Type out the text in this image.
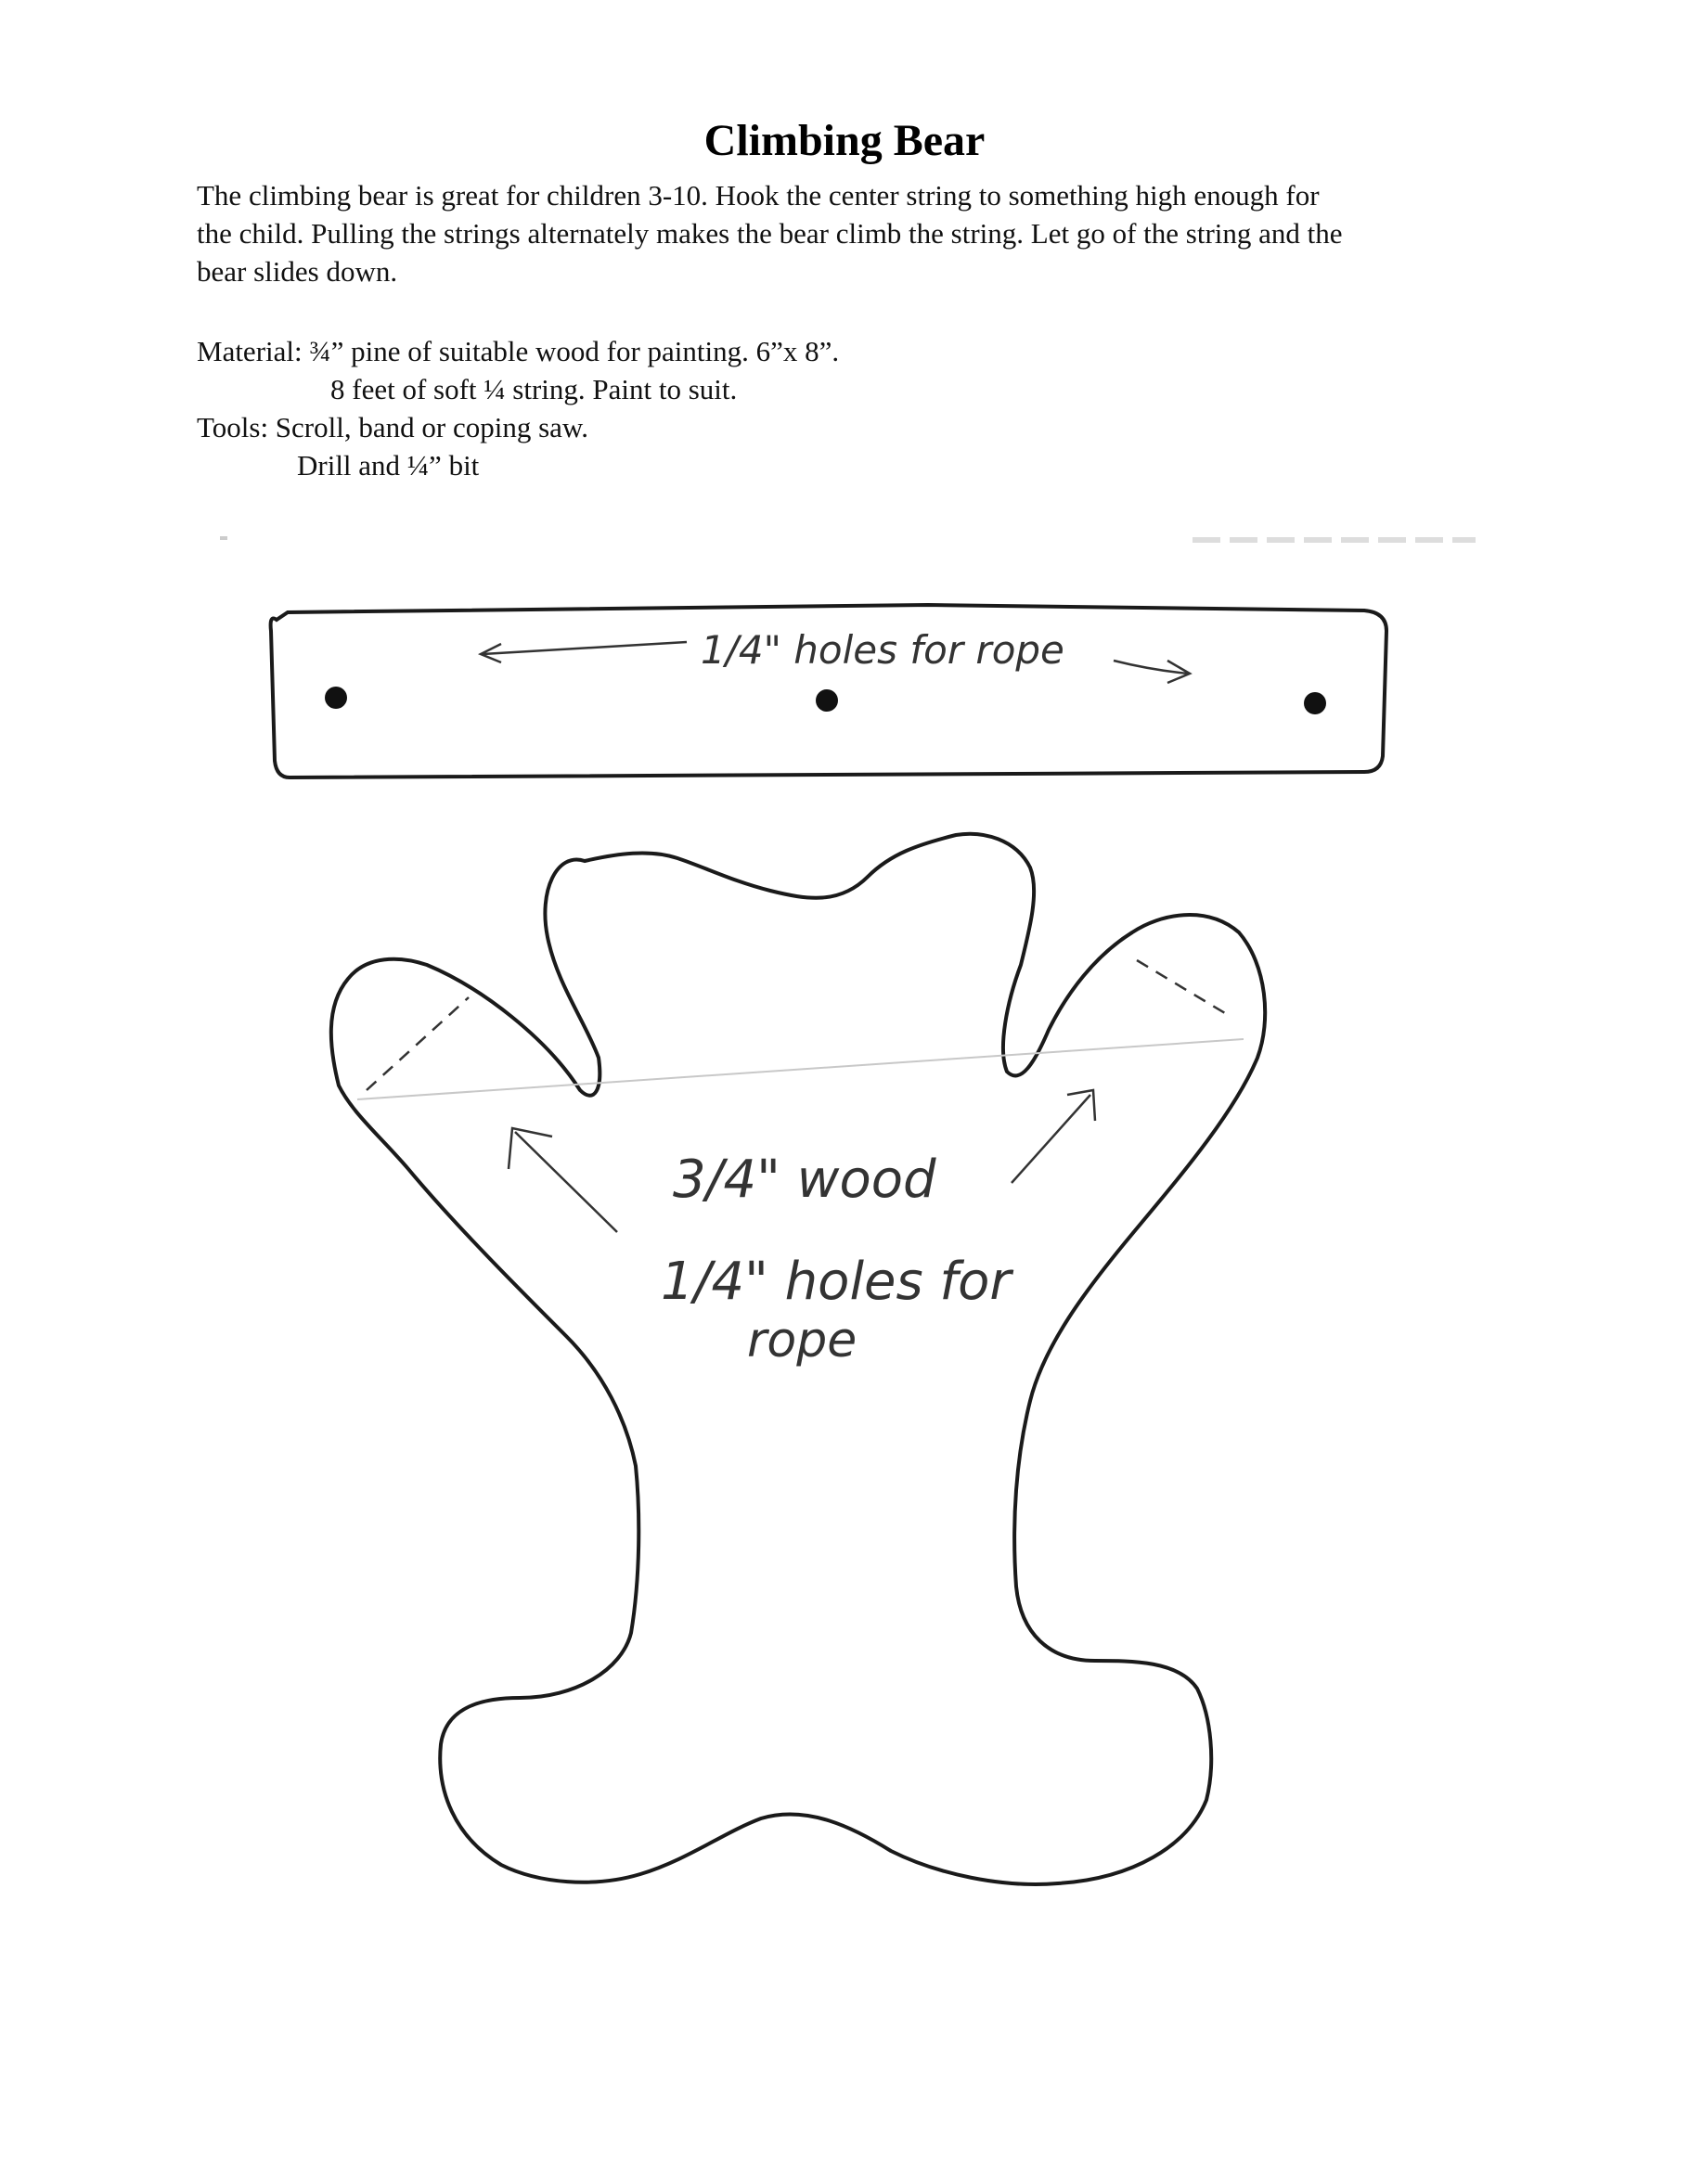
Climbing Bear
The climbing bear is great for children 3-10. Hook the center string to something high enough for
the child. Pulling the strings alternately makes the bear climb the string. Let go of the string and the
bear slides down.
Material: ¾” pine of suitable wood for painting. 6”x 8”.
8 feet of soft ¼ string. Paint to suit.
Tools: Scroll, band or coping saw.
Drill and ¼” bit
1/4" holes for rope
3/4" wood
1/4" holes for
rope
